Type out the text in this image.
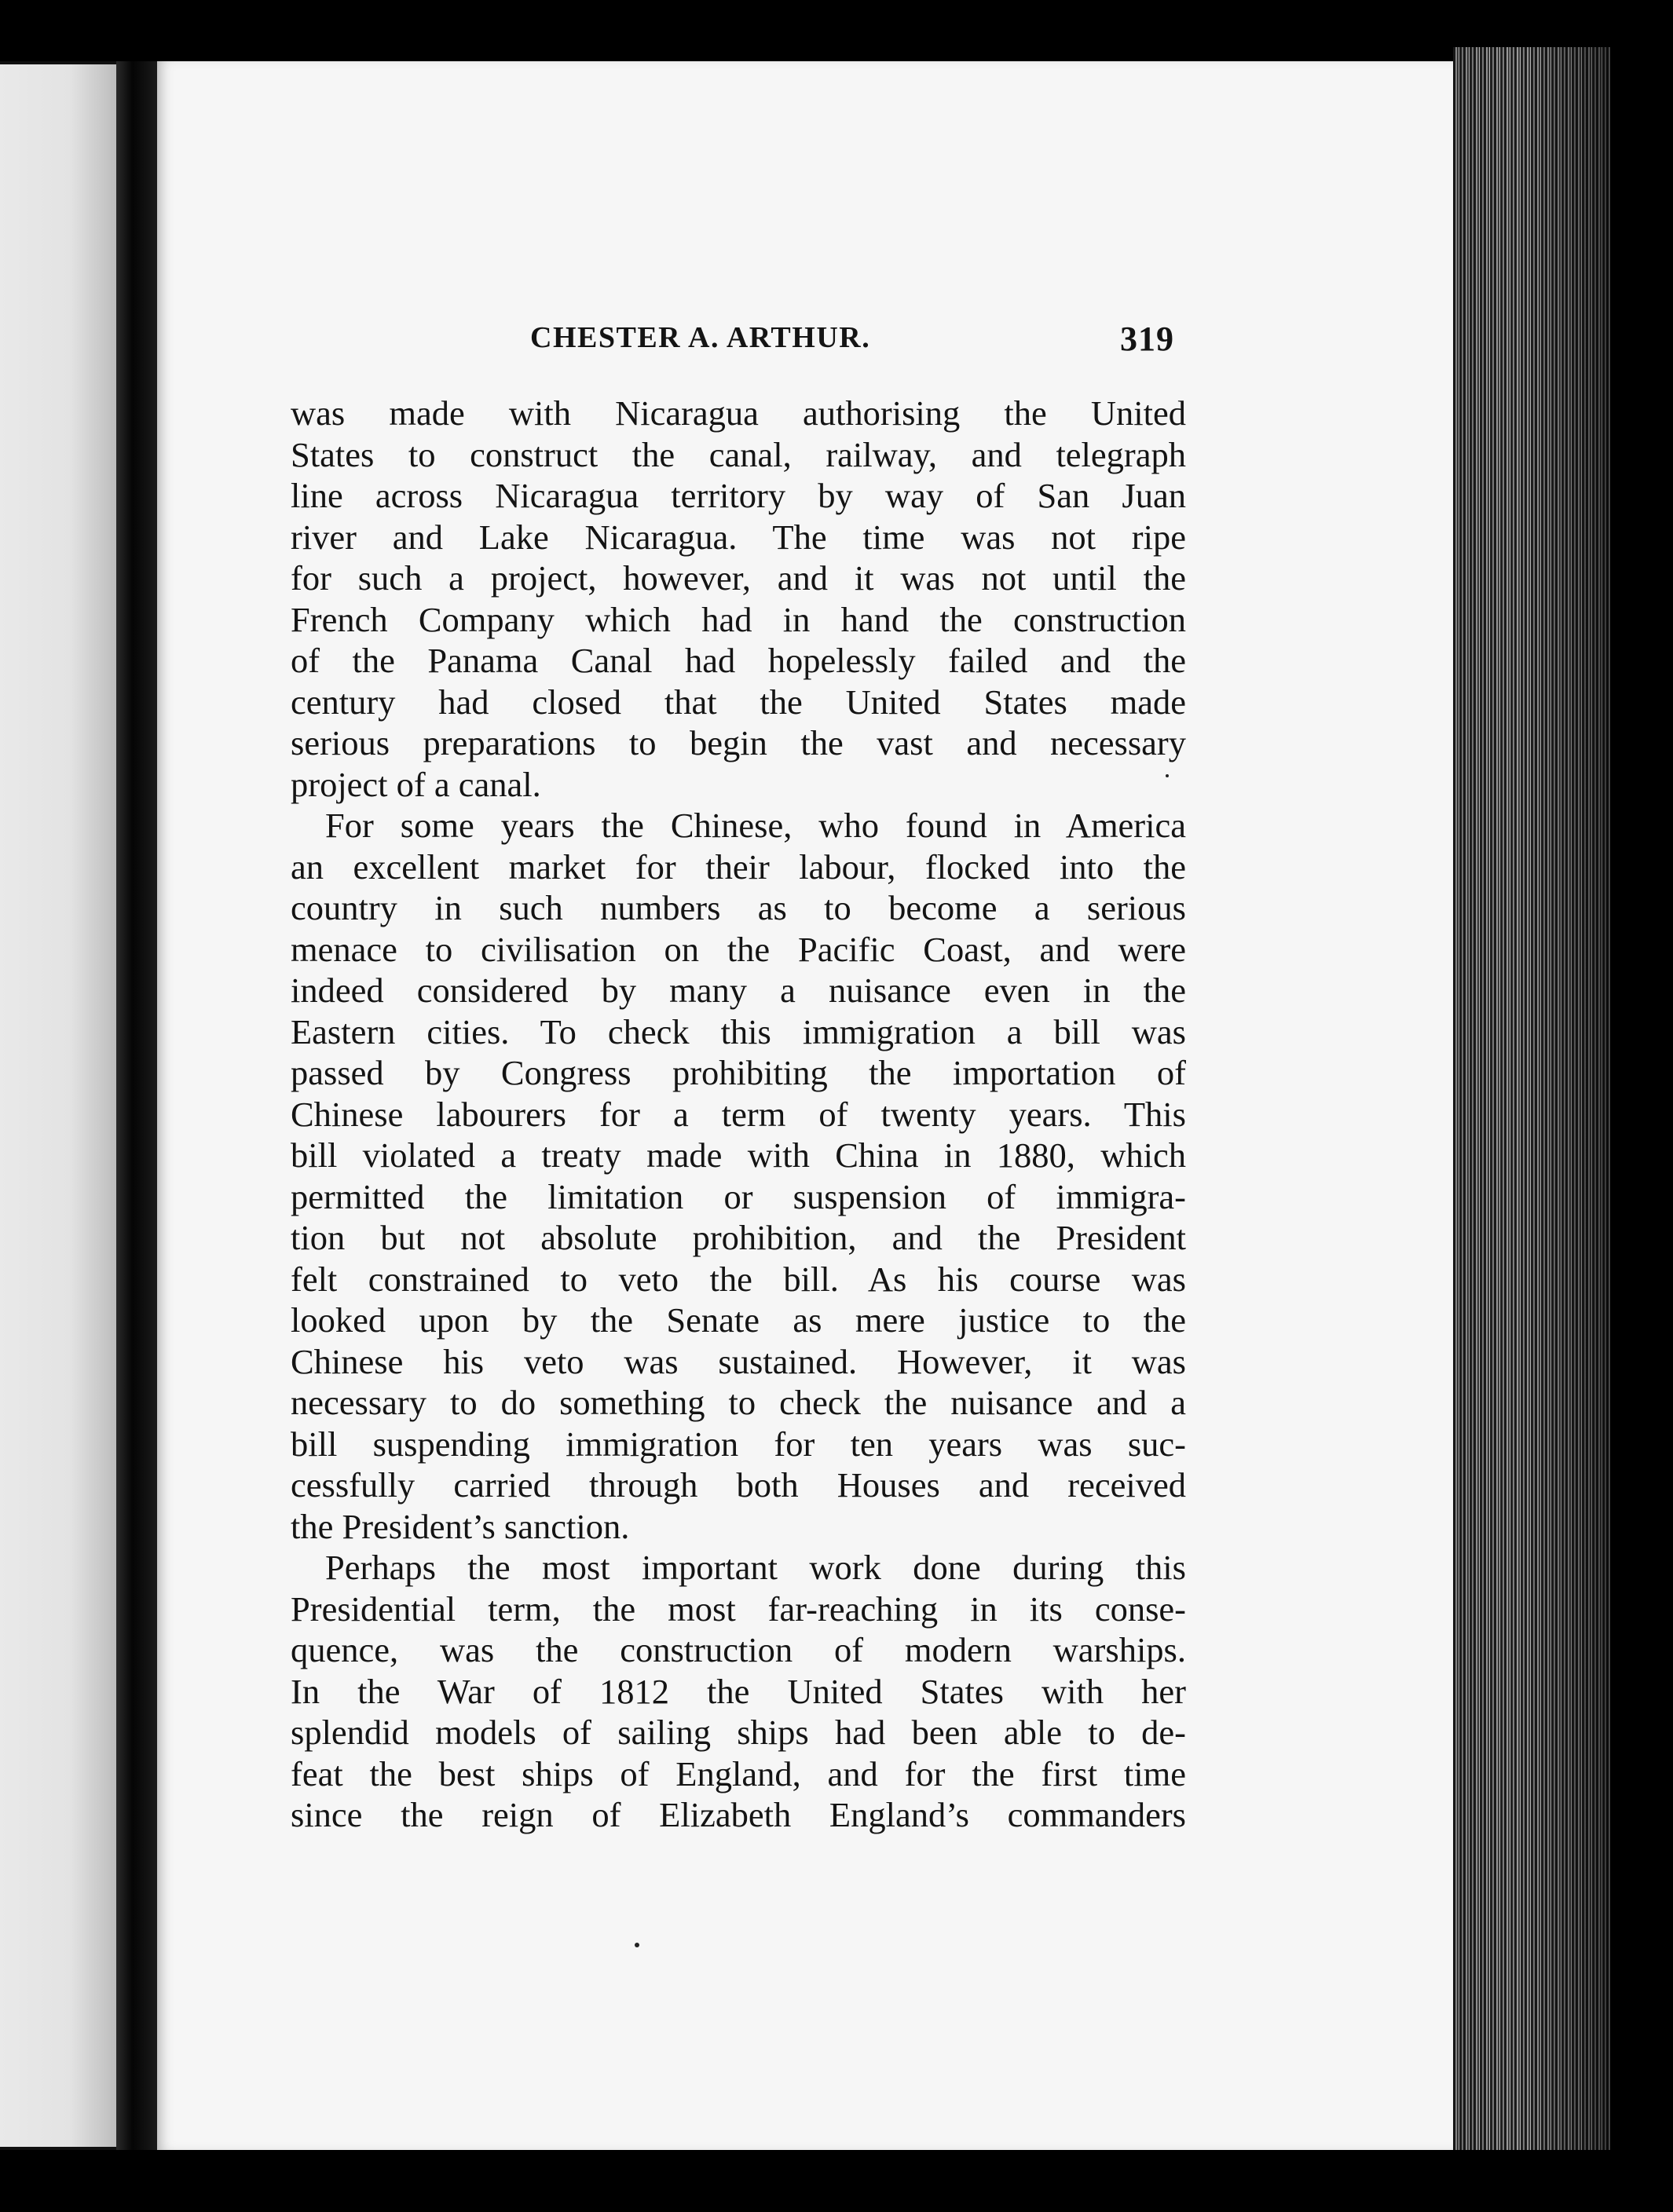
CHESTER A. ARTHUR.	319
was made with Nicaragua authorising the United
States to construct the canal, railway, and telegraph
line across Nicaragua territory by way of San Juan
river and Lake Nicaragua. The time was not ripe
for such a project, however, and it was not until the
French Company which had in hand the construction
of the Panama Canal had hopelessly failed and the
century had closed that the United States made
serious preparations to begin the vast and necessary
project of a canal.
For some years the Chinese, who found in America
an excellent market for their labour, flocked into the
country in such numbers as to become a serious
menace to civilisation on the Pacific Coast, and were
indeed considered by many a nuisance even in the
Eastern cities. To check this immigration a bill was
passed by Congress prohibiting the importation of
Chinese labourers for a term of twenty years. This
bill violated a treaty made with China in 1880, which
permitted the limitation or suspension of immigra-
tion but not absolute prohibition, and the President
felt constrained to veto the bill. As his course was
looked upon by the Senate as mere justice to the
Chinese his veto was sustained. However, it was
necessary to do something to check the nuisance and a
bill suspending immigration for ten years was suc-
cessfully carried through both Houses and received
the President’s sanction.
Perhaps the most important work done during this
Presidential term, the most far-reaching in its conse-
quence, was the construction of modern warships.
In the War of 1812 the United States with her
splendid models of sailing ships had been able to de-
feat the best ships of England, and for the first time
since the reign of Elizabeth England’s commanders
